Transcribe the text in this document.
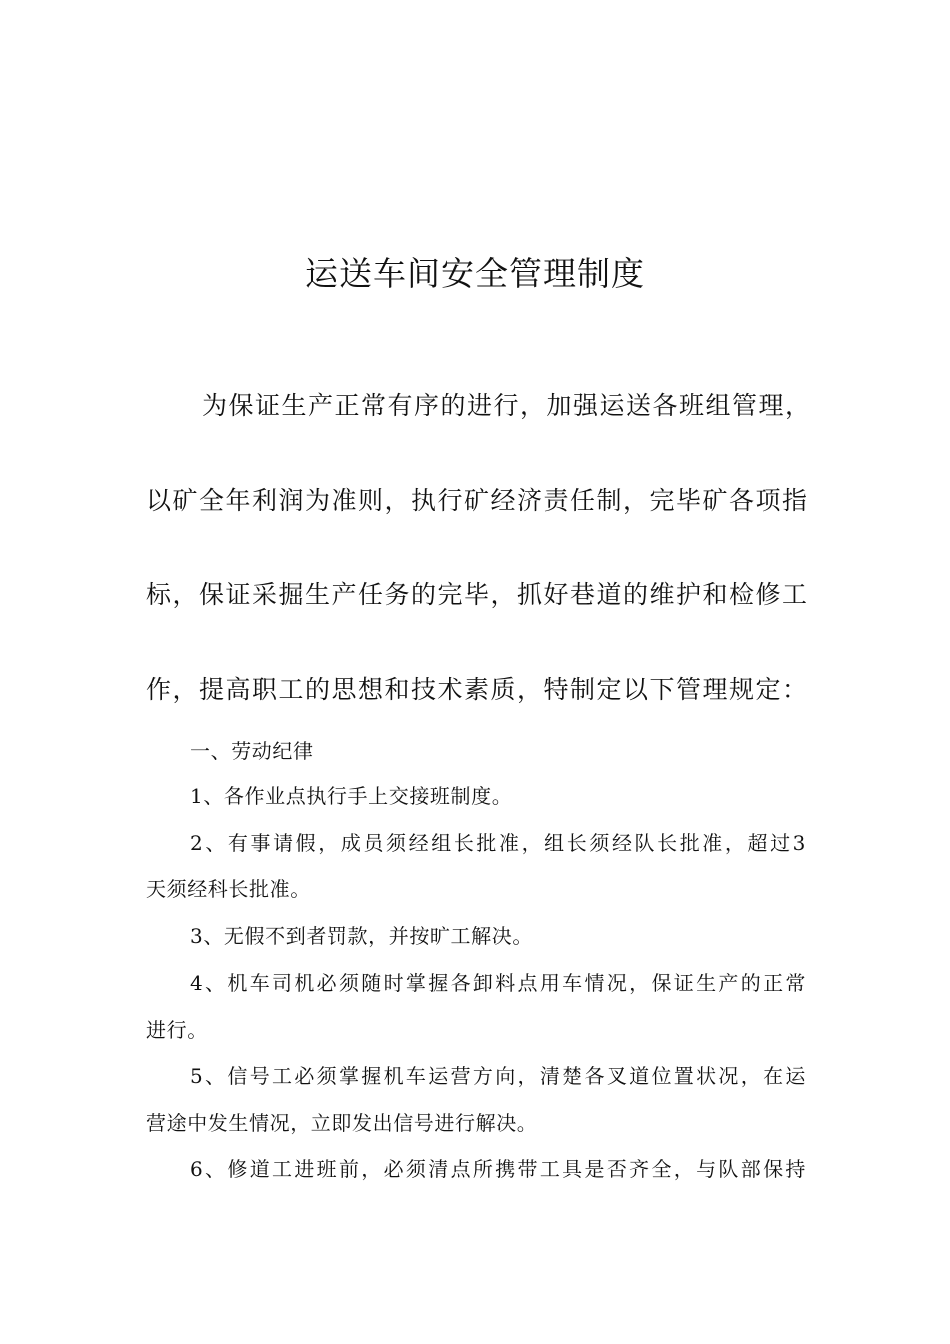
运送车间安全管理制度
为保证生产正常有序的进行，加强运送各班组管理，
以矿全年利润为准则，执行矿经济责任制，完毕矿各项指
标，保证采掘生产任务的完毕，抓好巷道的维护和检修工
作，提高职工的思想和技术素质，特制定以下管理规定：
一、劳动纪律
1、各作业点执行手上交接班制度。
2、有事请假，成员须经组长批准，组长须经队长批准，超过3
天须经科长批准。
3、无假不到者罚款，并按旷工解决。
4、机车司机必须随时掌握各卸料点用车情况，保证生产的正常
进行。
5、信号工必须掌握机车运营方向，清楚各叉道位置状况，在运
营途中发生情况，立即发出信号进行解决。
6、修道工进班前，必须清点所携带工具是否齐全，与队部保持
